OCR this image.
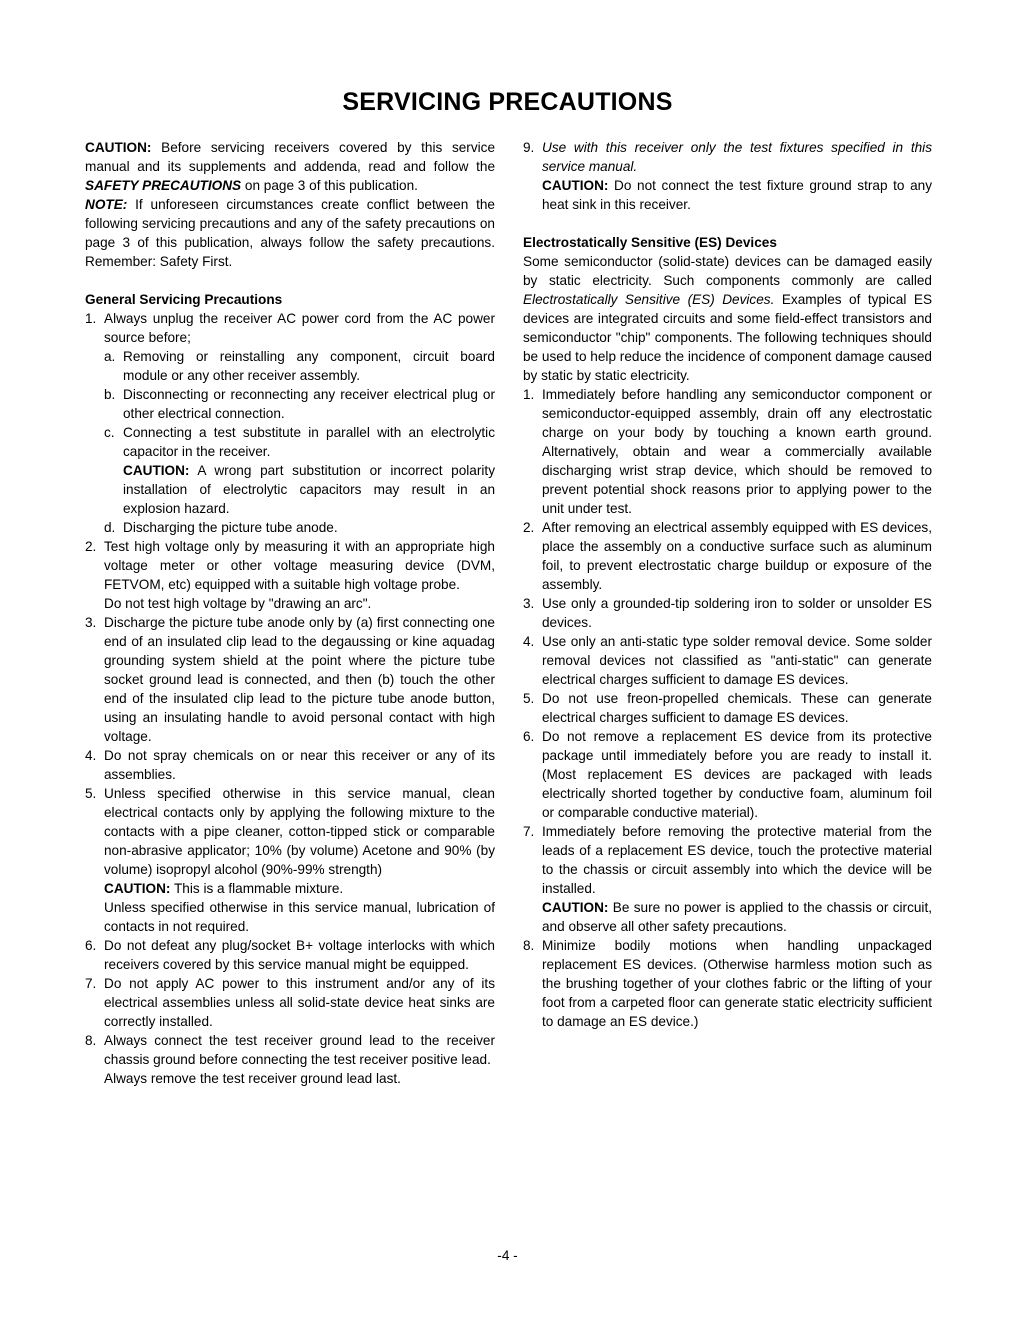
SERVICING PRECAUTIONS

CAUTION: Before servicing receivers covered by this service manual and its supplements and addenda, read and follow the SAFETY PRECAUTIONS on page 3 of this publication.

NOTE: If unforeseen circumstances create conflict between the following servicing precautions and any of the safety precautions on page 3 of this publication, always follow the safety precautions. Remember: Safety First.

General Servicing Precautions
1. Always unplug the receiver AC power cord from the AC power source before;
a. Removing or reinstalling any component, circuit board module or any other receiver assembly.
b. Disconnecting or reconnecting any receiver electrical plug or other electrical connection.
c. Connecting a test substitute in parallel with an electrolytic capacitor in the receiver.
CAUTION: A wrong part substitution or incorrect polarity installation of electrolytic capacitors may result in an explosion hazard.
d. Discharging the picture tube anode.
2. Test high voltage only by measuring it with an appropriate high voltage meter or other voltage measuring device (DVM, FETVOM, etc) equipped with a suitable high voltage probe.
Do not test high voltage by "drawing an arc".
3. Discharge the picture tube anode only by (a) first connecting one end of an insulated clip lead to the degaussing or kine aquadag grounding system shield at the point where the picture tube socket ground lead is connected, and then (b) touch the other end of the insulated clip lead to the picture tube anode button, using an insulating handle to avoid personal contact with high voltage.
4. Do not spray chemicals on or near this receiver or any of its assemblies.
5. Unless specified otherwise in this service manual, clean electrical contacts only by applying the following mixture to the contacts with a pipe cleaner, cotton-tipped stick or comparable non-abrasive applicator; 10% (by volume) Acetone and 90% (by volume) isopropyl alcohol (90%-99% strength)
CAUTION: This is a flammable mixture.
Unless specified otherwise in this service manual, lubrication of contacts in not required.
6. Do not defeat any plug/socket B+ voltage interlocks with which receivers covered by this service manual might be equipped.
7. Do not apply AC power to this instrument and/or any of its electrical assemblies unless all solid-state device heat sinks are correctly installed.
8. Always connect the test receiver ground lead to the receiver chassis ground before connecting the test receiver positive lead.
Always remove the test receiver ground lead last.
9. Use with this receiver only the test fixtures specified in this service manual.
CAUTION: Do not connect the test fixture ground strap to any heat sink in this receiver.
Electrostatically Sensitive (ES) Devices

Some semiconductor (solid-state) devices can be damaged easily by static electricity. Such components commonly are called Electrostatically Sensitive (ES) Devices. Examples of typical ES devices are integrated circuits and some field-effect transistors and semiconductor "chip" components. The following techniques should be used to help reduce the incidence of component damage caused by static by static electricity.

1. Immediately before handling any semiconductor component or semiconductor-equipped assembly, drain off any electrostatic charge on your body by touching a known earth ground. Alternatively, obtain and wear a commercially available discharging wrist strap device, which should be removed to prevent potential shock reasons prior to applying power to the unit under test.
2. After removing an electrical assembly equipped with ES devices, place the assembly on a conductive surface such as aluminum foil, to prevent electrostatic charge buildup or exposure of the assembly.
3. Use only a grounded-tip soldering iron to solder or unsolder ES devices.
4. Use only an anti-static type solder removal device. Some solder removal devices not classified as "anti-static" can generate electrical charges sufficient to damage ES devices.
5. Do not use freon-propelled chemicals. These can generate electrical charges sufficient to damage ES devices.
6. Do not remove a replacement ES device from its protective package until immediately before you are ready to install it. (Most replacement ES devices are packaged with leads electrically shorted together by conductive foam, aluminum foil or comparable conductive material).
7. Immediately before removing the protective material from the leads of a replacement ES device, touch the protective material to the chassis or circuit assembly into which the device will be installed.
CAUTION: Be sure no power is applied to the chassis or circuit, and observe all other safety precautions.
8. Minimize bodily motions when handling unpackaged replacement ES devices. (Otherwise harmless motion such as the brushing together of your clothes fabric or the lifting of your foot from a carpeted floor can generate static electricity sufficient to damage an ES device.)
-4 -
